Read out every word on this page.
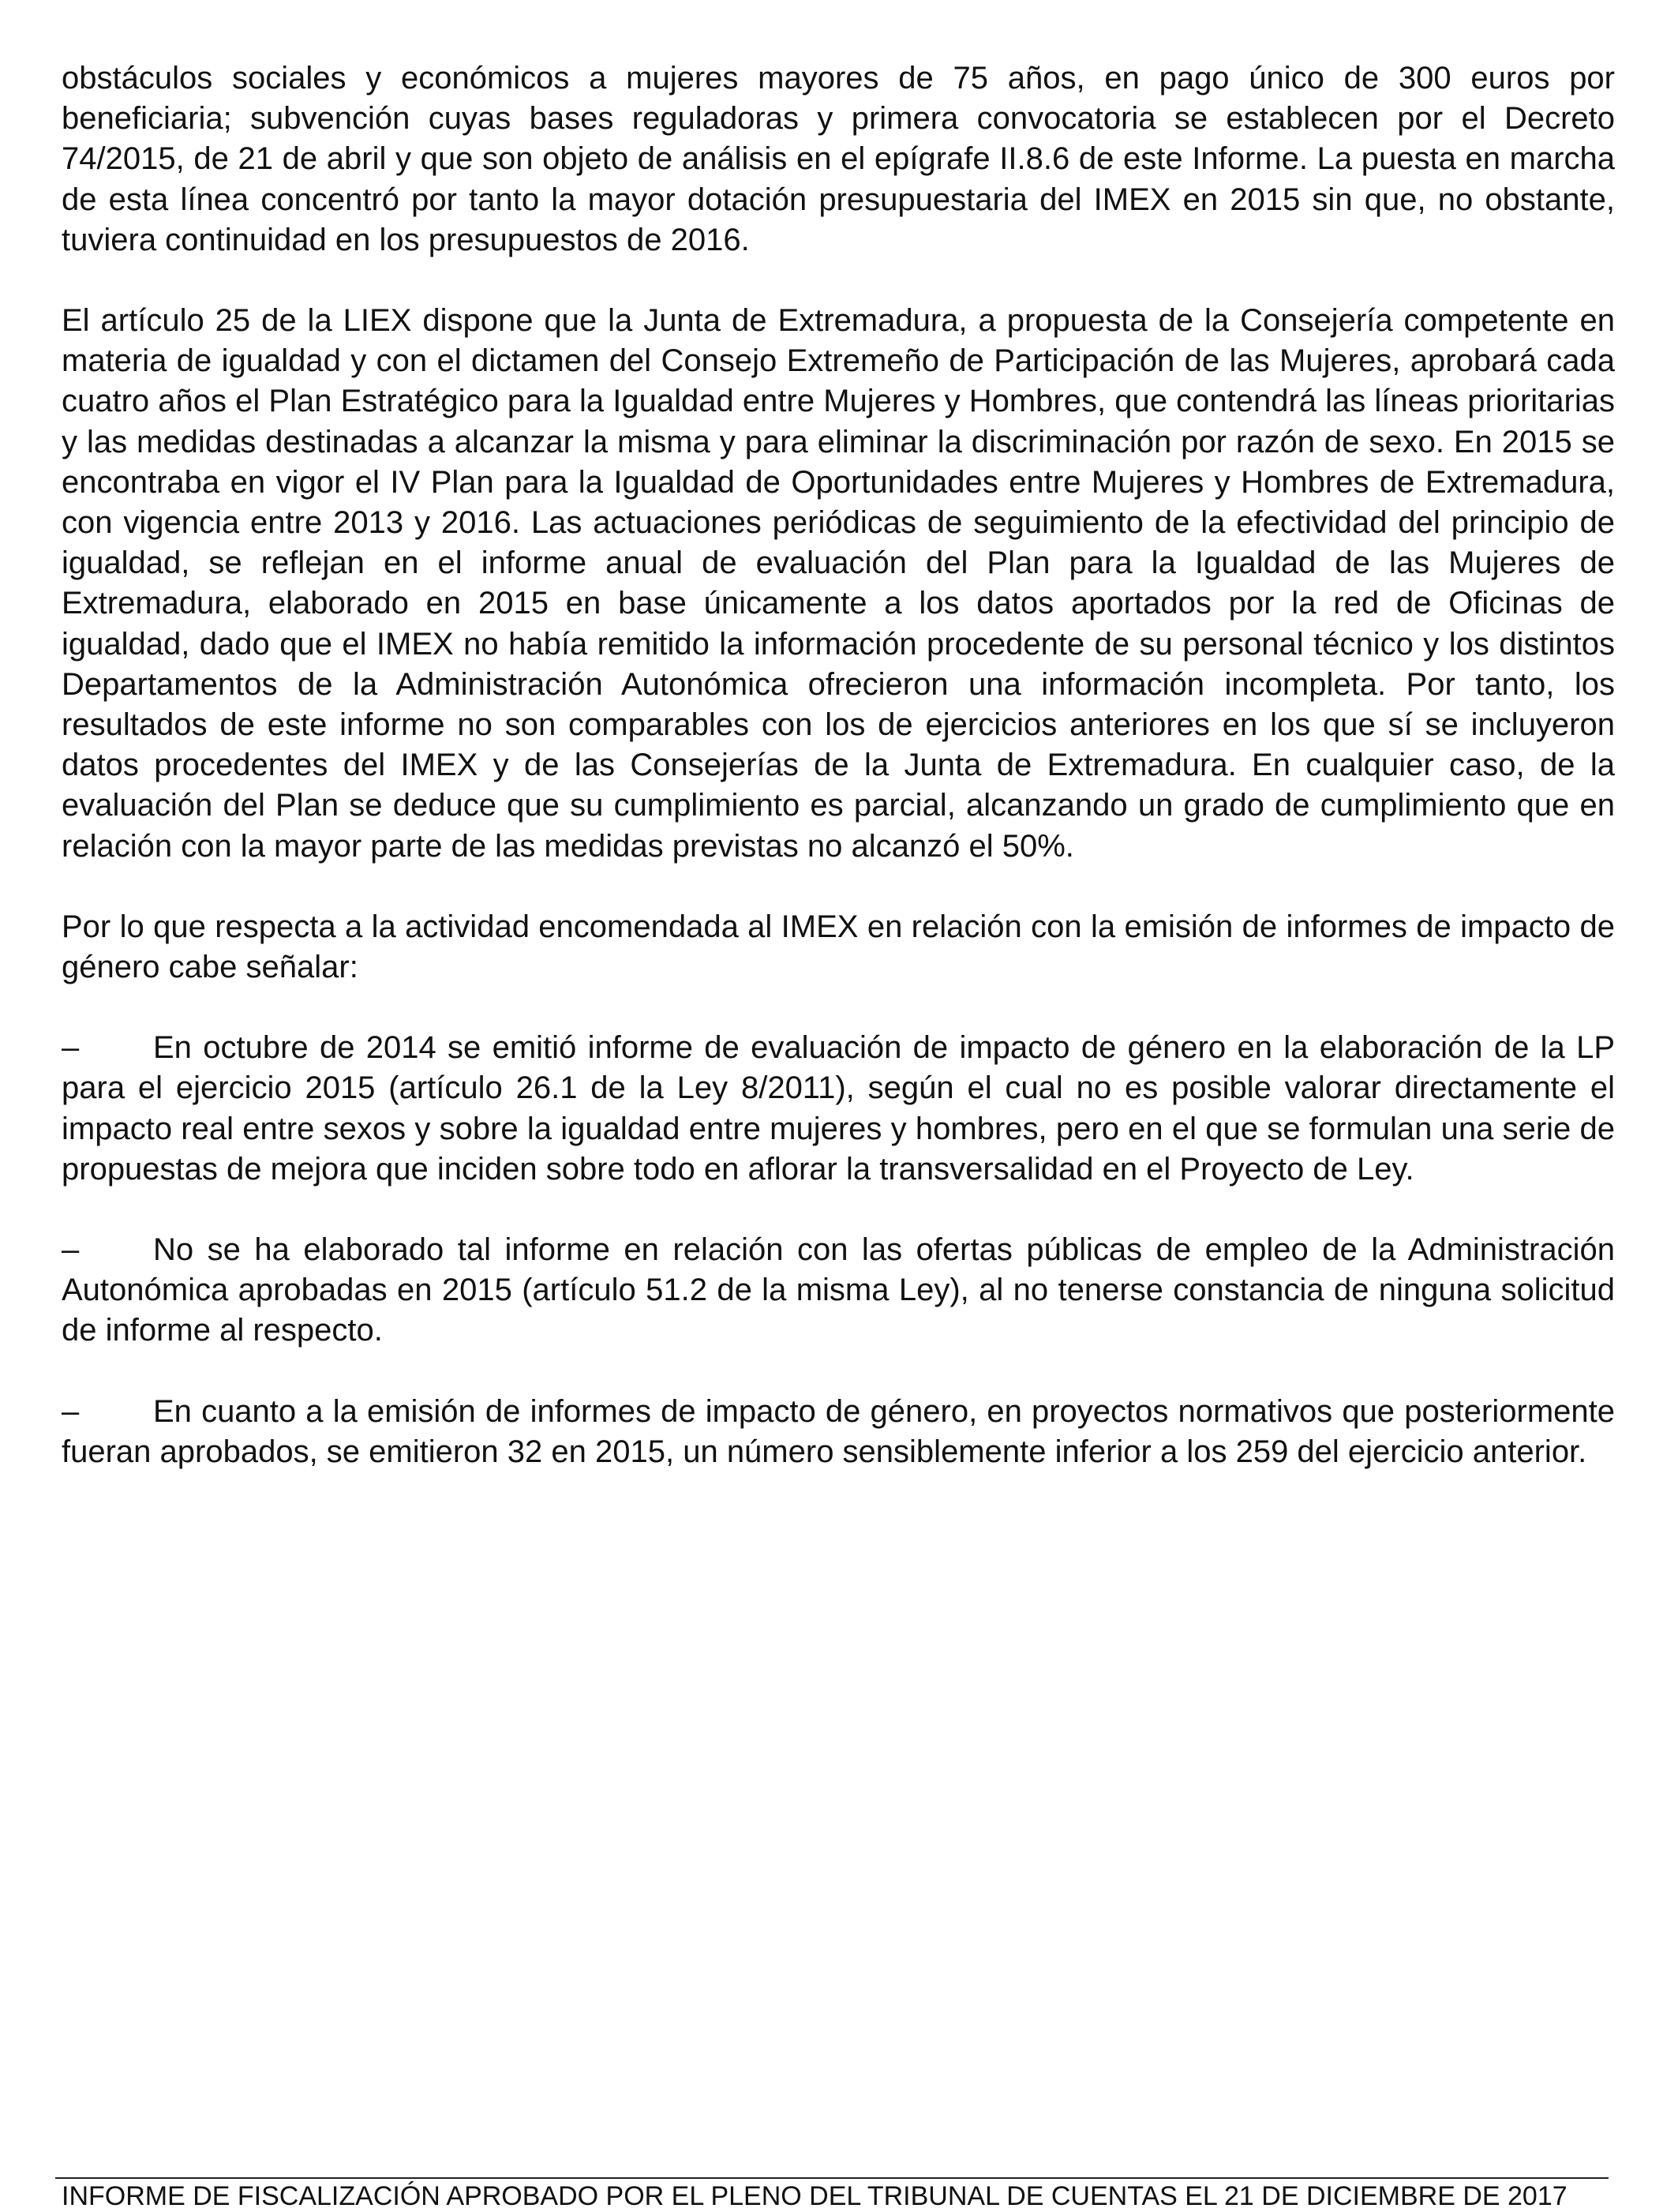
obstáculos sociales y económicos a mujeres mayores de 75 años, en pago único de 300 euros por beneficiaria; subvención cuyas bases reguladoras y primera convocatoria se establecen por el Decreto 74/2015, de 21 de abril y que son objeto de análisis en el epígrafe II.8.6 de este Informe. La puesta en marcha de esta línea concentró por tanto la mayor dotación presupuestaria del IMEX en 2015 sin que, no obstante, tuviera continuidad en los presupuestos de 2016.

El artículo 25 de la LIEX dispone que la Junta de Extremadura, a propuesta de la Consejería competente en materia de igualdad y con el dictamen del Consejo Extremeño de Participación de las Mujeres, aprobará cada cuatro años el Plan Estratégico para la Igualdad entre Mujeres y Hombres, que contendrá las líneas prioritarias y las medidas destinadas a alcanzar la misma y para eliminar la discriminación por razón de sexo. En 2015 se encontraba en vigor el IV Plan para la Igualdad de Oportunidades entre Mujeres y Hombres de Extremadura, con vigencia entre 2013 y 2016. Las actuaciones periódicas de seguimiento de la efectividad del principio de igualdad, se reflejan en el informe anual de evaluación del Plan para la Igualdad de las Mujeres de Extremadura, elaborado en 2015 en base únicamente a los datos aportados por la red de Oficinas de igualdad, dado que el IMEX no había remitido la información procedente de su personal técnico y los distintos Departamentos de la Administración Autonómica ofrecieron una información incompleta. Por tanto, los resultados de este informe no son comparables con los de ejercicios anteriores en los que sí se incluyeron datos procedentes del IMEX y de las Consejerías de la Junta de Extremadura. En cualquier caso, de la evaluación del Plan se deduce que su cumplimiento es parcial, alcanzando un grado de cumplimiento que en relación con la mayor parte de las medidas previstas no alcanzó el 50%.

Por lo que respecta a la actividad encomendada al IMEX en relación con la emisión de informes de impacto de género cabe señalar:

– En octubre de 2014 se emitió informe de evaluación de impacto de género en la elaboración de la LP para el ejercicio 2015 (artículo 26.1 de la Ley 8/2011), según el cual no es posible valorar directamente el impacto real entre sexos y sobre la igualdad entre mujeres y hombres, pero en el que se formulan una serie de propuestas de mejora que inciden sobre todo en aflorar la transversalidad en el Proyecto de Ley.

– No se ha elaborado tal informe en relación con las ofertas públicas de empleo de la Administración Autonómica aprobadas en 2015 (artículo 51.2 de la misma Ley), al no tenerse constancia de ninguna solicitud de informe al respecto.

– En cuanto a la emisión de informes de impacto de género, en proyectos normativos que posteriormente fueran aprobados, se emitieron 32 en 2015, un número sensiblemente inferior a los 259 del ejercicio anterior.

INFORME DE FISCALIZACIÓN APROBADO POR EL PLENO DEL TRIBUNAL DE CUENTAS EL 21 DE DICIEMBRE DE 2017
